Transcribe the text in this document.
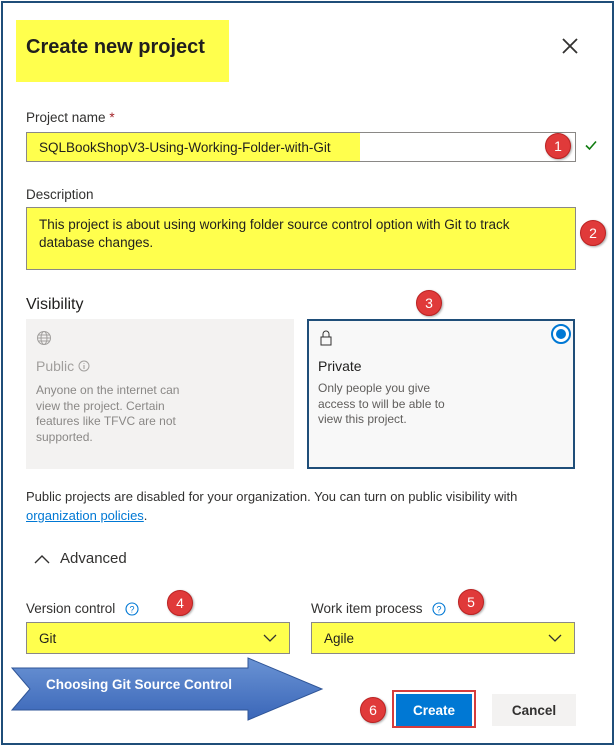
Create new project
Project name *
SQLBookShopV3-Using-Working-Folder-with-Git	1
Description
This project is about using working folder source control option with Git to track database changes.
2
Visibility	3
Public
Anyone on the internet can view the project. Certain features like TFVC are not supported.
Private
Only people you give access to will be able to view this project.
Public projects are disabled for your organization. You can turn on public visibility with organization policies.
Advanced
Version control ?	4
Git
Work item process ?	5
Agile
Choosing Git Source Control
6	Create	Cancel
